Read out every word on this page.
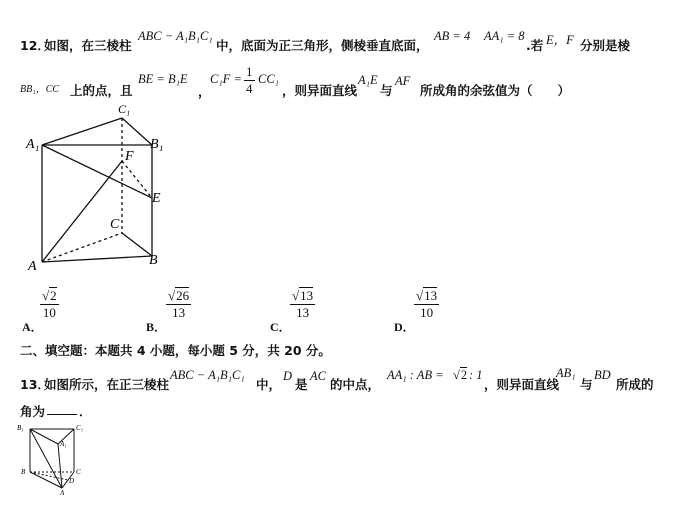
12．
如图，在三棱柱
ABC − A₁B₁C₁
中，底面为正三角形，侧棱垂直底面，
AB = 4 AA₁ = 8
.若 E，F 分别是棱
BB₁，CC 上的点，且
BE = B₁E
，
$C_1F = \frac{1}{4} CC_1$
，则异面直线
A₁E
与
AF
所成角的余弦值为（　　）
A₁
C₁
B₁
F
E
C
A	B
A．
$\frac{√2}{10}$
B．
$\frac{√26}{13}$
C．
$\frac{√13}{13}$
D．
$\frac{√13}{10}$
二、填空题：本题共 4 小题，每小题 5 分，共 20 分。
13．
如图所示，在正三棱柱
ABC − A₁B₁C₁
中，
D
是
AC
的中点，
AA₁ : AB = √2 : 1
，则异面直线
AB₁
与
BD
所成的
角为	．
B₁	C₁
A₁
B	C
D
A
